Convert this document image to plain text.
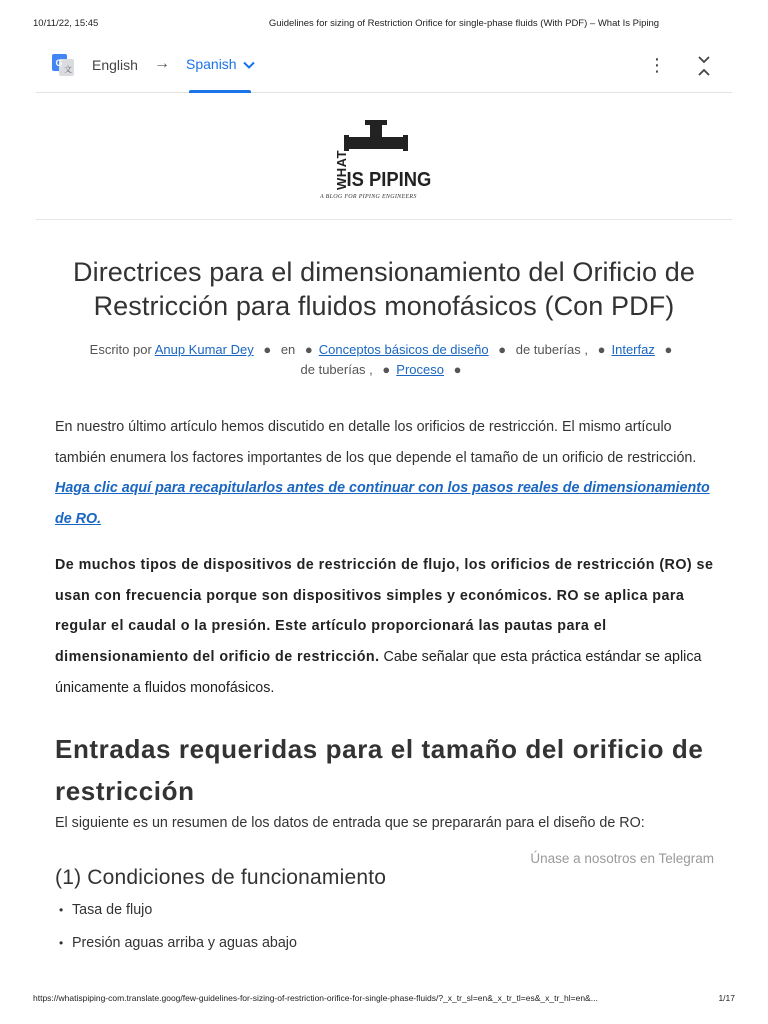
10/11/22, 15:45	Guidelines for sizing of Restriction Orifice for single-phase fluids (With PDF) – What Is Piping
G
文 English → Spanish	⋮
WHAT
IS PIPING
A BLOG FOR PIPING ENGINEERS
Directrices para el dimensionamiento del Orificio de Restricción para fluidos monofásicos (Con PDF)
Escrito por Anup Kumar Dey ● en ● Conceptos básicos de diseño ● de tuberías , ● Interfaz ●
de tuberías , ● Proceso ●

En nuestro último artículo hemos discutido en detalle los orificios de restricción. El mismo artículo también enumera los factores importantes de los que depende el tamaño de un orificio de restricción. Haga clic aquí para recapitularlos antes de continuar con los pasos reales de dimensionamiento de RO.

De muchos tipos de dispositivos de restricción de flujo, los orificios de restricción (RO) se usan con frecuencia porque son dispositivos simples y económicos. RO se aplica para regular el caudal o la presión. Este artículo proporcionará las pautas para el dimensionamiento del orificio de restricción. Cabe señalar que esta práctica estándar se aplica únicamente a fluidos monofásicos.

Entradas requeridas para el tamaño del orificio de restricción

El siguiente es un resumen de los datos de entrada que se prepararán para el diseño de RO:

Únase a nosotros en Telegram
(1) Condiciones de funcionamiento
• Tasa de flujo
• Presión aguas arriba y aguas abajo
https://whatispiping-com.translate.goog/few-guidelines-for-sizing-of-restriction-orifice-for-single-phase-fluids/?_x_tr_sl=en&_x_tr_tl=es&_x_tr_hl=en&...	1/17
